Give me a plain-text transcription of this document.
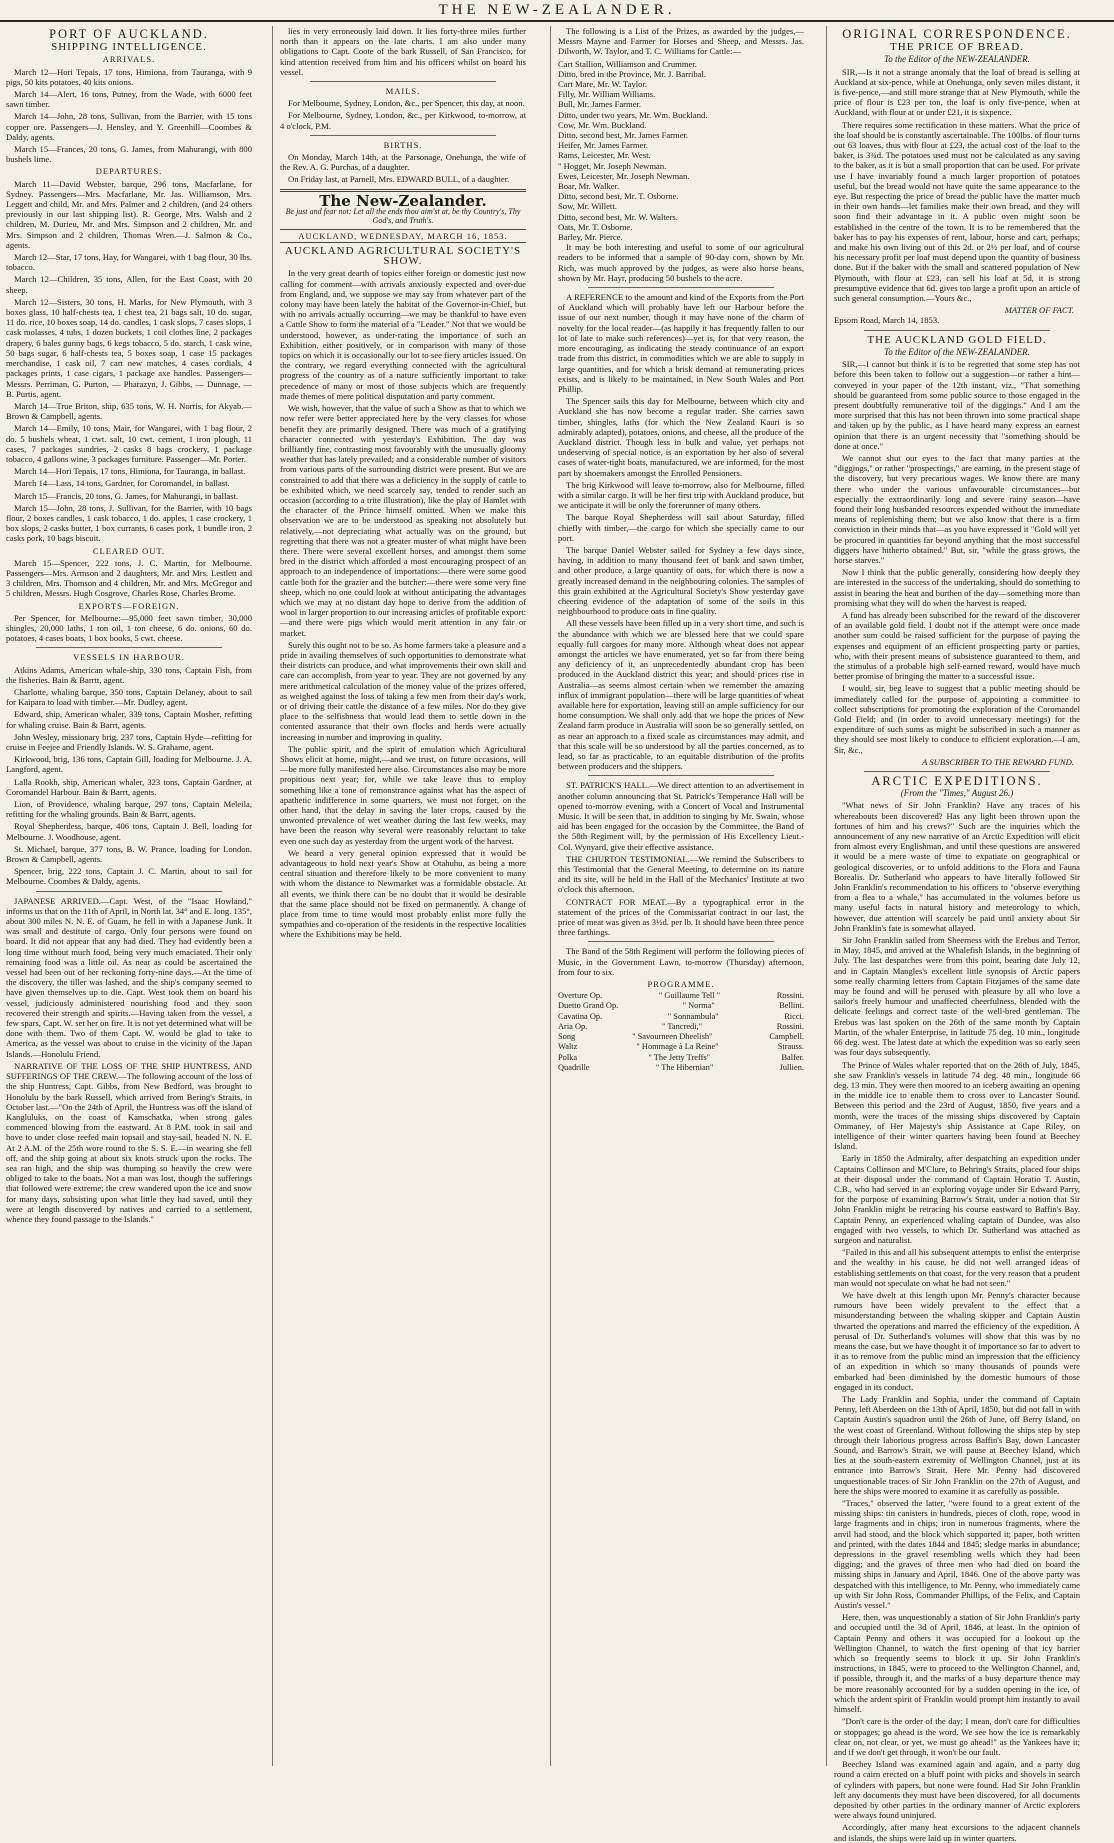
THE NEW-ZEALANDER.
PORT OF AUCKLAND.
SHIPPING INTELLIGENCE.
ARRIVALS.

March 12—Hori Tepais, 17 tons, Himiona, from Tauranga, with 9 pigs, 50 kits potatoes, 40 kits onions.

March 14—Alert, 16 tons, Putney, from the Wade, with 6000 feet sawn timber.

March 14—John, 28 tons, Sullivan, from the Barrier, with 15 tons copper ore. Passengers—J. Hensley, and Y. Greenhill—Coombes & Daldy, agents.

March 15—Frances, 20 tons, G. James, from Mahurangi, with 800 bushels lime.

DEPARTURES.

March 11—David Webster, barque, 296 tons, Macfarlane, for Sydney. Passengers—Mrs. Macfarlane, Mr. Jas. Williamson, Mrs. Leggett and child, Mr. and Mrs. Palmer and 2 children, (and 24 others previously in our last shipping list). R. George, Mrs. Walsh and 2 children, M. Durieu, Mr. and Mrs. Simpson and 2 children, Mr. and Mrs. Simpson and 2 children, Thomas Wren.—J. Salmon & Co., agents.

March 12—Star, 17 tons, Hay, for Wangarei, with 1 bag flour, 30 lbs. tobacco.

March 12—Children, 35 tons, Allen, for the East Coast, with 20 sheep.

March 12—Sisters, 30 tons, H. Marks, for New Plymouth, with 3 boxes glass, 10 half-chests tea, 1 chest tea, 21 bags salt, 10 do. sugar, 11 do. rice, 10 boxes soap, 14 do. candles, 1 cask slops, 7 cases slops, 1 cask molasses, 4 tubs, 1 dozen buckets, 1 coil clothes line, 2 packages drapery, 6 bales gunny bags, 6 kegs tobacco, 5 do. starch, 1 cask wine, 50 bags sugar, 6 half-chests tea, 5 boxes soap, 1 case 15 packages merchandise, 1 cask oil, 7 cart new matches, 4 cases cordials, 4 packages prints, 1 case cigars, 1 package axe handles. Passengers—Messrs. Perriman, G. Purton, — Pharazyn, J. Gibbs, — Dunnage, — B. Purtis, agent.

March 14—True Briton, ship, 635 tons, W. H. Norris, for Akyab.—Brown & Campbell, agents.

March 14—Emily, 10 tons, Mair, for Wangarei, with 1 bag flour, 2 do. 5 bushels wheat, 1 cwt. salt, 10 cwt. cement, 1 iron plough, 11 cases, 7 packages sundries, 2 casks 8 bags crockery, 1 package tobacco, 4 gallons wine, 3 packages furniture. Passenger—Mr. Porter.

March 14—Hori Tepais, 17 tons, Himiona, for Tauranga, in ballast.

March 14—Lass, 14 tons, Gardner, for Coromandel, in ballast.

March 15—Francis, 20 tons, G. James, for Mahurangi, in ballast.

March 15—John, 28 tons, J. Sullivan, for the Barrier, with 10 bags flour, 2 boxes candles, 1 cask tobacco, 1 do. apples, 1 case crockery, 1 box slops, 2 casks butter, 1 box currants, 6 cases pork, 1 bundle iron, 2 casks pork, 10 bags biscuit.

CLEARED OUT.

March 15—Spencer, 222 tons, J. C. Martin, for Melbourne. Passengers—Mrs. Armson and 2 daughters, Mr. and Mrs. Lestlett and 3 children, Mrs. Thomson and 4 children, Mr. and Mrs. McGregor and 5 children, Messrs. Hugh Cosgrove, Charles Rose, Charles Brome.

EXPORTS—FOREIGN.

Per Spencer, for Melbourne:—95,000 feet sawn timber, 30,000 shingles, 20,000 laths, 1 ton oil, 1 ton cheese, 6 do. onions, 60 do. potatoes, 4 cases boats, 1 box books, 5 cwt. cheese.

VESSELS IN HARBOUR.

Atkins Adams, American whale-ship, 330 tons, Captain Fish, from the fisheries. Bain & Barrtt, agent.

Charlotte, whaling barque, 350 tons, Captain Delaney, about to sail for Kaipara to load with timber.—Mr. Dudley, agent.

Edward, ship, American whaler, 339 tons, Captain Mosher, refitting for whaling cruise. Bain & Barrt, agents.

John Wesley, missionary brig, 237 tons, Captain Hyde—refitting for cruise in Feejee and Friendly Islands. W. S. Grahame, agent.

Kirkwood, brig, 136 tons, Captain Gill, loading for Melbourne. J. A. Langford, agent.

Lalla Rookh, ship, American whaler, 323 tons, Captain Gardner, at Coromandel Harbour. Bain & Barrt, agents.

Lion, of Providence, whaling barque, 297 tons, Captain Meleila, refitting for the whaling grounds. Bain & Barrt, agents.

Royal Shepherdess, barque, 406 tons, Captain J. Bell, loading for Melbourne. J. Woodhouse, agent.

St. Michael, barque, 377 tons, B. W. Prance, loading for London. Brown & Campbell, agents.

Spencer, brig, 222 tons, Captain J. C. Martin, about to sail for Melbourne. Coombes & Daldy, agents.

JAPANESE ARRIVED.—Capt. West, of the "Isaac Howland," informs us that on the 11th of April, in North lat. 34° and E. long. 135°, about 300 miles N. N. E. of Guam, he fell in with a Japanese Junk. It was small and destitute of cargo. Only four persons were found on board. It did not appear that any had died. They had evidently been a long time without much food, being very much emaciated. Their only remaining food was a little oil. As near as could be ascertained the vessel had been out of her reckoning forty-nine days.—At the time of the discovery, the tiller was lashed, and the ship's company seemed to have given themselves up to die. Capt. West took them on board his vessel, judiciously administered nourishing food and they soon recovered their strength and spirits.—Having taken from the vessel, a few spars, Capt. W. set her on fire. It is not yet determined what will be done with them. Two of them Capt. W. would be glad to take to America, as the vessel was about to cruise in the vicinity of the Japan Islands.—Honolulu Friend.

NARRATIVE OF THE LOSS OF THE SHIP HUNTRESS, AND SUFFERINGS OF THE CREW.—The following account of the loss of the ship Huntress, Capt. Gibbs, from New Bedford, was brought to Honolulu by the bark Russell, which arrived from Bering's Straits, in October last.—"On the 24th of April, the Huntress was off the island of Kangluluks, on the coast of Kamschatka, when strong gales commenced blowing from the eastward. At 8 P.M. took in sail and hove to under close reefed main topsail and stay-sail, headed N. N. E. At 2 A.M. of the 25th wore round to the S. S. E.—in wearing she fell off, and the ship going at about six knots struck upon the rocks. The sea ran high, and the ship was thumping so heavily the crew were obliged to take to the boats. Not a man was lost, though the sufferings that followed were extreme; the crew wandered upon the ice and snow for many days, subsisting upon what little they had saved, until they were at length discovered by natives and carried to a settlement, whence they found passage to the Islands."

lies in very erroneously laid down. It lies forty-three miles further north than it appears on the late charts. I am also under many obligations to Capt. Coote of the bark Russell, of San Francisco, for kind attention received from him and his officers whilst on board his vessel.

MAILS.

For Melbourne, Sydney, London, &c., per Spencer, this day, at noon.

For Melbourne, Sydney, London, &c., per Kirkwood, to-morrow, at 4 o'clock, P.M.

BIRTHS.

On Monday, March 14th, at the Parsonage, Onehunga, the wife of the Rev. A. G. Purchas, of a daughter.

On Friday last, at Parnell, Mrs. EDWARD BULL, of a daughter.

The New-Zealander.
Be just and fear not: Let all the ends thou aim'st at, be thy Country's, Thy God's, and Truth's.
AUCKLAND, WEDNESDAY, MARCH 16, 1853.
AUCKLAND AGRICULTURAL SOCIETY'S SHOW.

In the very great dearth of topics either foreign or domestic just now calling for comment—with arrivals anxiously expected and over-due from England, and, we suppose we may say from whatever part of the colony may have been lately the habitat of the Governor-in-Chief, but with no arrivals actually occurring—we may be thankful to have even a Cattle Show to form the material of a "Leader." Not that we would be understood, however, as under-rating the importance of such an Exhibition, either positively, or in comparison with many of those topics on which it is occasionally our lot to see fiery articles issued. On the contrary, we regard everything connected with the agricultural progress of the country as of a nature sufficiently important to take precedence of many or most of those subjects which are frequently made themes of mere political disputation and party comment.

We wish, however, that the value of such a Show as that to which we now refer were better appreciated here by the very classes for whose benefit they are primarily designed. There was much of a gratifying character connected with yesterday's Exhibition. The day was brilliantly fine, contrasting most favourably with the unusually gloomy weather that has lately prevailed; and a considerable number of visitors from various parts of the surrounding district were present. But we are constrained to add that there was a deficiency in the supply of cattle to be exhibited which, we need scarcely say, tended to render such an occasion (according to a trite illustration), like the play of Hamlet with the character of the Prince himself omitted. When we make this observation we are to be understood as speaking not absolutely but relatively,—not depreciating what actually was on the ground, but regretting that there was not a greater muster of what might have been there. There were several excellent horses, and amongst them some bred in the district which afforded a most encouraging prospect of an approach to an independence of importations:—there were some good cattle both for the grazier and the butcher:—there were some very fine sheep, which no one could look at without anticipating the advantages which we may at no distant day hope to derive from the addition of wool in larger proportion to our increasing articles of profitable export:—and there were pigs which would merit attention in any fair or market.

Surely this ought not to be so. As home farmers take a pleasure and a pride in availing themselves of such opportunities to demonstrate what their districts can produce, and what improvements their own skill and care can accomplish, from year to year. They are not governed by any mere arithmetical calculation of the money value of the prizes offered, as weighed against the loss of taking a few men from their day's work, or of driving their cattle the distance of a few miles. Nor do they give place to the selfishness that would lead them to settle down in the contented assurance that their own flocks and herds were actually increasing in number and improving in quality.

The public spirit, and the spirit of emulation which Agricultural Shows elicit at home, might,—and we trust, on future occasions, will—be more fully manifested here also. Circumstances also may be more propitious next year; for, while we take leave thus to employ something like a tone of remonstrance against what has the aspect of apathetic indifference in some quarters, we must not forget, on the other hand, that the delay in saving the later crops, caused by the unwonted prevalence of wet weather during the last few weeks, may have been the reason why several were reasonably reluctant to take even one such day as yesterday from the urgent work of the harvest.

We heard a very general opinion expressed that it would be advantageous to hold next year's Show at Otahuhu, as being a more central situation and therefore likely to be more convenient to many with whom the distance to Newmarket was a formidable obstacle. At all events, we think there can be no doubt that it would be desirable that the same place should not be fixed on permanently. A change of place from time to time would most probably enlist more fully the sympathies and co-operation of the residents in the respective localities where the Exhibitions may be held.

The following is a List of the Prizes, as awarded by the judges,—Messrs Mayne and Farmer for Horses and Sheep, and Messrs. Jas. Dilworth, W. Taylor, and T. C. Williams for Cattle:—

Cart Stallion, Williamson and Crummer.
Ditto, bred in the Province, Mr. J. Barribal.
Cart Mare, Mr. W. Taylor.
Filly, Mr. William Williams.
Bull, Mr. James Farmer.
Ditto, under two years, Mr. Wm. Buckland.
Cow, Mr. Wm. Buckland.
Ditto, second best, Mr. James Farmer.
Heifer, Mr. James Farmer.
Rams, Leicester, Mr. West.
" Hogget, Mr. Joseph Newman.
Ewes, Leicester, Mr. Joseph Newman.
Boar, Mr. Walker.
Ditto, second best, Mr. T. Osborne.
Sow, Mr. Willett.
Ditto, second best, Mr. W. Walters.
Oats, Mr. T. Osborne.
Barley, Mr. Pierce.

It may be both interesting and useful to some of our agricultural readers to be informed that a sample of 90-day corn, shown by Mr. Rich, was much approved by the judges, as were also horse beans, shown by Mr. Hayr, producing 50 bushels to the acre.

A REFERENCE to the amount and kind of the Exports from the Port of Auckland which will probably have left our Harbour before the issue of our next number, though it may have none of the charm of novelty for the local reader—(as happily it has frequently fallen to our lot of late to make such references)—yet is, for that very reason, the more encouraging, as indicating the steady continuance of an export trade from this district, in commodities which we are able to supply in large quantities, and for which a brisk demand at remunerating prices exists, and is likely to be maintained, in New South Wales and Port Phillip.

The Spencer sails this day for Melbourne, between which city and Auckland she has now become a regular trader. She carries sawn timber, shingles, laths (for which the New Zealand Kauri is so admirably adapted), potatoes, onions, and cheese, all the produce of the Auckland district. Though less in bulk and value, yet perhaps not undeserving of special notice, is an exportation by her also of several cases of water-tight boats, manufactured, we are informed, for the most part by shoemakers amongst the Enrolled Pensioners.

The brig Kirkwood will leave to-morrow, also for Melbourne, filled with a similar cargo. It will be her first trip with Auckland produce, but we anticipate it will be only the forerunner of many others.

The barque Royal Shepherdess will sail about Saturday, filled chiefly with timber,—the cargo for which she specially came to our port.

The barque Daniel Webster sailed for Sydney a few days since, having, in addition to many thousand feet of bank and sawn timber, and other produce, a large quantity of oats, for which there is now a greatly increased demand in the neighbouring colonies. The samples of this grain exhibited at the Agricultural Society's Show yesterday gave cheering evidence of the adaptation of some of the soils in this neighbourhood to produce oats in fine quality.

All these vessels have been filled up in a very short time, and such is the abundance with which we are blessed here that we could spare equally full cargoes for many more. Although wheat does not appear amongst the articles we have enumerated, yet so far from there being any deficiency of it, an unprecedentedly abundant crop has been produced in the Auckland district this year; and should prices rise in Australia—as seems almost certain when we remember the amazing influx of immigrant population—there will be large quantities of wheat available here for exportation, leaving still an ample sufficiency for our home consumption. We shall only add that we hope the prices of New Zealand farm produce in Australia will soon be so generally settled, on as near an approach to a fixed scale as circumstances may admit, and that this scale will be so understood by all the parties concerned, as to lead, so far as practicable, to an equitable distribution of the profits between producers and the shippers.

ST. PATRICK'S HALL.—We direct attention to an advertisement in another column announcing that St. Patrick's Temperance Hall will be opened to-morrow evening, with a Concert of Vocal and Instrumental Music. It will be seen that, in addition to singing by Mr. Swain, whose aid has been engaged for the occasion by the Committee, the Band of the 58th Regiment will, by the permission of His Excellency Lieut.-Col. Wynyard, give their effective assistance.

THE CHURTON TESTIMONIAL.—We remind the Subscribers to this Testimonial that the General Meeting, to determine on its nature and its site, will be held in the Hall of the Mechanics' Institute at two o'clock this afternoon.

CONTRACT FOR MEAT.—By a typographical error in the statement of the prices of the Commissariat contract in our last, the price of meat was given as 3½d. per lb. It should have been three pence three farthings.

The Band of the 58th Regiment will perform the following pieces of Music, in the Government Lawn, to-morrow (Thursday) afternoon, from four to six.

PROGRAMME.
Overture Op.	" Guillaume Tell "	Rossini.
Duetto Grand Op.	" Norma"	Bellini.
Cavatina Op.	" Sonnambula"	Ricci.
Aria Op.	" Tancredi,"	Rossini.
Song	" Savourneen Dheelish"	Campbell.
Waltz	" Hommage à La Reine"	Strauss.
Polka	" The Jetty Treffs"	Balfer.
Quadrille	" The Hibernian"	Jullien.
ORIGINAL CORRESPONDENCE.
THE PRICE OF BREAD.
To the Editor of the NEW-ZEALANDER.

SIR,—Is it not a strange anomaly that the loaf of bread is selling at Auckland at six-pence, while at Onehunga, only seven miles distant, it is five-pence,—and still more strange that at New Plymouth, while the price of flour is £23 per ton, the loaf is only five-pence, when at Auckland, with flour at or under £21, it is sixpence.

There requires some rectification in these matters. What the price of the loaf should be is constantly ascertainable. The 100lbs. of flour turns out 63 loaves, thus with flour at £23, the actual cost of the loaf to the baker, is 3¾d. The potatoes used must not be calculated as any saving to the baker, as it is but a small proportion that can be used. For private use I have invariably found a much larger proportion of potatoes useful, but the bread would not have quite the same appearance to the eye. But respecting the price of bread the public have the matter much in their own hands—let families make their own bread, and they will soon find their advantage in it. A public oven might soon be established in the centre of the town. It is to be remembered that the baker has to pay his expenses of rent, labour, horse and cart, perhaps; and make his own living out of this 2d. or 2½ per loaf, and of course his necessary profit per loaf must depend upon the quantity of business done. But if the baker with the small and scattered population of New Plymouth, with flour at £23, can sell his loaf at 5d, it is strong presumptive evidence that 6d. gives too large a profit upon an article of such general consumption.—Yours &c.,

MATTER OF FACT.
Epsom Road, March 14, 1853.
THE AUCKLAND GOLD FIELD.
To the Editor of the NEW-ZEALANDER.

SIR,—I cannot but think it is to be regretted that some step has not before this been taken to follow out a suggestion—or rather a hint—conveyed in your paper of the 12th instant, viz., "That something should be guaranteed from some public source to those engaged in the present doubtfully remunerative toil of the diggings." And I am the more surprised that this has not been thrown into some practical shape and taken up by the public, as I have heard many express an earnest opinion that there is an urgent necessity that "something should be done at once."

We cannot shut our eyes to the fact that many parties at the "diggings," or rather "prospectings," are earning, in the present stage of the discovery, but very precarious wages. We know there are many there who under the various unfavourable circumstances—but especially the extraordinarily long and severe rainy season—have found their long husbanded resources expended without the immediate means of replenishing them; but we also know that there is a firm conviction in their minds that—as you have expressed it "Gold will yet be procured in quantities far beyond anything that the most successful diggers have hitherto obtained." But, sir, "while the grass grows, the horse starves."

Now I think that the public generally, considering how deeply they are interested in the success of the undertaking, should do something to assist in bearing the heat and burthen of the day—something more than promising what they will do when the harvest is reaped.

A fund has already been subscribed for the reward of the discoverer of an available gold field. I doubt not if the attempt were once made another sum could be raised sufficient for the purpose of paying the expenses and equipment of an efficient prospecting party or parties, who, with their present means of subsistence guaranteed to them, and the stimulus of a probable high self-earned reward, would have much better promise of bringing the matter to a successful issue.

I would, sir, beg leave to suggest that a public meeting should be immediately called for the purpose of appointing a committee to collect subscriptions for promoting the exploration of the Coromandel Gold Field; and (in order to avoid unnecessary meetings) for the expenditure of such sums as might be subscribed in such a manner as they should see most likely to conduce to efficient exploration.—I am, Sir, &c.,

A SUBSCRIBER TO THE REWARD FUND.
ARCTIC EXPEDITIONS.
(From the "Times," August 26.)

"What news of Sir John Franklin? Have any traces of his whereabouts been discovered? Has any light been thrown upon the fortunes of him and his crews?" Such are the inquiries which the announcement of any new narrative of an Arctic Expedition will elicit from almost every Englishman, and until these questions are answered it would be a mere waste of time to expatiate on geographical or geological discoveries, or to unfold additions to the Flora and Fauna Borealis. Dr. Sutherland who appears to have literally followed Sir John Franklin's recommendation to his officers to "observe everything from a flea to a whale," has accumulated in the volumes before us many useful facts in natural history and meteorology to which, however, due attention will scarcely be paid until anxiety about Sir John Franklin's fate is somewhat allayed.

Sir John Franklin sailed from Sheerness with the Erebus and Terror, in May, 1845, and arrived at the Whalefish Islands, in the beginning of July. The last despatches were from this point, bearing date July 12, and in Captain Mangles's excellent little synopsis of Arctic papers some really charming letters from Captain Fitzjames of the same date may be found and will be perused with pleasure by all who love a sailor's freely humour and unaffected cheerfulness, blended with the delicate feelings and correct taste of the well-bred gentleman. The Erebus was last spoken on the 26th of the same month by Captain Martin, of the whaler Enterprise, in latitude 75 deg. 10 min., longitude 66 deg. west. The latest date at which the expedition was so early seen was four days subsequently.

The Prince of Wales whaler reported that on the 26th of July, 1845, she saw Franklin's vessels in latitude 74 deg. 48 min., longitude 66 deg. 13 min. They were then moored to an iceberg awaiting an opening in the middle ice to enable them to cross over to Lancaster Sound. Between this period and the 23rd of August, 1850, five years and a month, were the traces of the missing ships discovered by Captain Ommaney, of Her Majesty's ship Assistance at Cape Riley, on intelligence of their winter quarters having been found at Beechey Island.

Early in 1850 the Admiralty, after despatching an expedition under Captains Collinson and M'Clure, to Behring's Straits, placed four ships at their disposal under the command of Captain Horatio T. Austin, C.B., who had served in an exploring voyage under Sir Edward Parry, for the purpose of examining Barrow's Strait, under a notion that Sir John Franklin might be retracing his course eastward to Baffin's Bay. Captain Penny, an experienced whaling captain of Dundee, was also engaged with two vessels, to which Dr. Sutherland was attached as surgeon and naturalist.

"Failed in this and all his subsequent attempts to enlist the enterprise and the wealthy in his cause, he did not well arranged ideas of establishing settlements on that coast, for the very reason that a prudent man would not speculate on what he had not seen."

We have dwelt at this length upon Mr. Penny's character because rumours have been widely prevalent to the effect that a misunderstanding between the whaling skipper and Captain Austin thwarted the operations and marred the efficiency of the expedition. A perusal of Dr. Sutherland's volumes will show that this was by no means the case, but we have thought it of importance so far to advert to it as to remove from the public mind an impression that the efficiency of an expedition in which so many thousands of pounds were embarked had been diminished by the domestic humours of those engaged in its conduct.

The Lady Franklin and Sophia, under the command of Captain Penny, left Aberdeen on the 13th of April, 1850, but did not fall in with Captain Austin's squadron until the 26th of June, off Berry Island, on the west coast of Greenland. Without following the ships step by step through their laborious progress across Baffin's Bay, down Lancaster Sound, and Barrow's Strait, we will pause at Beechey Island, which lies at the south-eastern extremity of Wellington Channel, just at its entrance into Barrow's Strait. Here Mr. Penny had discovered unquestionable traces of Sir John Franklin on the 27th of August, and here the ships were moored to examine it as carefully as possible.

"Traces," observed the latter, "were found to a great extent of the missing ships: tin canisters in hundreds, pieces of cloth, rope, wood in large fragments and in chips; iron in numerous fragments, where the anvil had stood, and the block which supported it; paper, both written and printed, with the dates 1844 and 1845; sledge marks in abundance; depressions in the gravel resembling wells which they had been digging; and the graves of three men who had died on board the missing ships in January and April, 1846. One of the above party was despatched with this intelligence, to Mr. Penny, who immediately came up with Sir John Ross, Commander Phillips, of the Felix, and Captain Austin's vessel."

Here, then, was unquestionably a station of Sir John Franklin's party and occupied until the 3d of April, 1846, at least. In the opinion of Captain Penny and others it was occupied for a lookout up the Wellington Channel, to watch the first opening of that icy barrier which so frequently seems to block it up. Sir John Franklin's instructions, in 1845, were to proceed to the Wellington Channel, and, if possible, through it, and the marks of a busy departure thence may be more reasonably accounted for by a sudden opening in the ice, of which the ardent spirit of Franklin would prompt him instantly to avail himself.

"Don't care is the order of the day; I mean, don't care for difficulties or stoppages; go ahead is the word. We see how the ice is remarkably clear on, not clear, or yet, we must go ahead!" as the Yankees have it; and if we don't get through, it won't be our fault.

Beechey Island was examined again and again, and a party dug round a cairn erected on a bluff point with picks and shovels in search of cylinders with papers, but none were found. Had Sir John Franklin left any documents they must have been discovered, for all documents deposited by other parties in the ordinary manner of Arctic explorers were always found uninjured.

Accordingly, after many heat excursions to the adjacent channels and islands, the ships were laid up in winter quarters.
